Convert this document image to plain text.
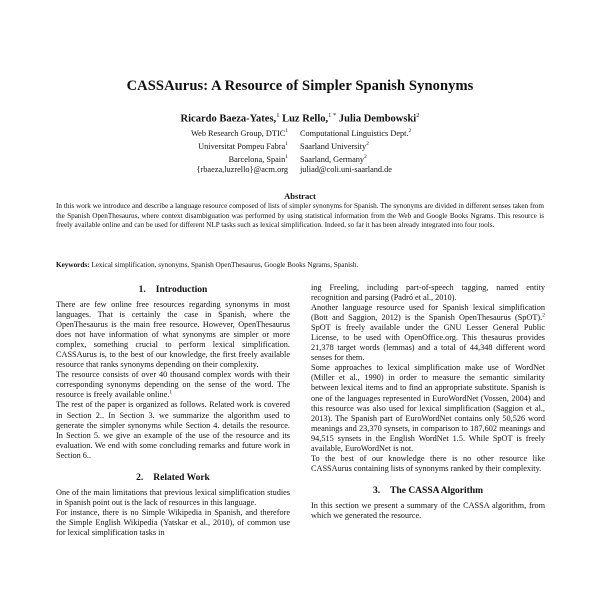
CASSAurus: A Resource of Simpler Spanish Synonyms
Ricardo Baeza-Yates,$^1$ Luz Rello,$^{1 *}$ Julia Dembowski$^2$
Web Research Group, DTIC$^1$
Universitat Pompeu Fabra$^1$
Barcelona, Spain$^1$
{rbaeza,luzrello}@acm.org
Computational Linguistics Dept.$^2$
Saarland University$^2$
Saarland, Germany$^2$
juliad@coli.uni-saarland.de
Abstract
In this work we introduce and describe a language resource composed of lists of simpler synonyms for Spanish. The synonyms are divided in different senses taken from the Spanish OpenThesaurus, where context disambiguation was performed by using statistical information from the Web and Google Books Ngrams. This resource is freely available online and can be used for different NLP tasks such as lexical simplification. Indeed, so far it has been already integrated into four tools.
Keywords: Lexical simplification, synonyms, Spanish OpenThesaurus, Google Books Ngrams, Spanish.
1. Introduction

There are few online free resources regarding synonyms in most languages. That is certainly the case in Spanish, where the OpenThesaurus is the main free resource. However, OpenThesaurus does not have information of what synonyms are simpler or more complex, something crucial to perform lexical simplification. CASSAurus is, to the best of our knowledge, the first freely available resource that ranks synonyms depending on their complexity.

The resource consists of over 40 thousand complex words with their corresponding synonyms depending on the sense of the word. The resource is freely available online.$^1$

The rest of the paper is organized as follows. Related work is covered in Section 2.. In Section 3. we summarize the algorithm used to generate the simpler synonyms while Section 4. details the resource. In Section 5. we give an example of the use of the resource and its evaluation. We end with some concluding remarks and future work in Section 6..

2. Related Work

One of the main limitations that previous lexical simplification studies in Spanish point out is the lack of resources in this language.

For instance, there is no Simple Wikipedia in Spanish, and therefore the Simple English Wikipedia (Yatskar et al., 2010), of common use for lexical simplification tasks in

ing Freeling, including part-of-speech tagging, named entity recognition and parsing (Padró et al., 2010).

Another language resource used for Spanish lexical simplification (Bott and Saggion, 2012) is the Spanish OpenThesaurus (SpOT).$^2$ SpOT is freely available under the GNU Lesser General Public License, to be used with OpenOffice.org. This thesaurus provides 21,378 target words (lemmas) and a total of 44,348 different word senses for them.

Some approaches to lexical simplification make use of WordNet (Miller et al., 1990) in order to measure the semantic similarity between lexical items and to find an appropriate substitute. Spanish is one of the languages represented in EuroWordNet (Vossen, 2004) and this resource was also used for lexical simplification (Saggion et al., 2013). The Spanish part of EuroWordNet contains only 50,526 word meanings and 23,370 synsets, in comparison to 187,602 meanings and 94,515 synsets in the English WordNet 1.5. While SpOT is freely available, EuroWordNet is not.

To the best of our knowledge there is no other resource like CASSAurus containing lists of synonyms ranked by their complexity.

3. The CASSA Algorithm

In this section we present a summary of the CASSA algorithm, from which we generated the resource.
